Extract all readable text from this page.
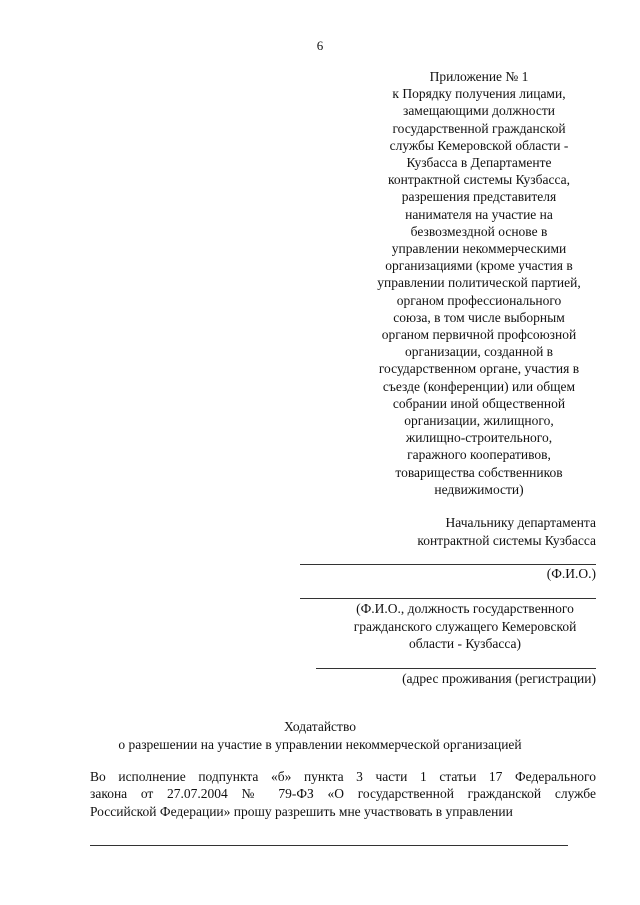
6
Приложение № 1
к Порядку получения лицами,
замещающими должности
государственной гражданской
службы Кемеровской области -
Кузбасса в Департаменте
контрактной системы Кузбасса,
разрешения представителя
нанимателя на участие на
безвозмездной основе в
управлении некоммерческими
организациями (кроме участия в
управлении политической партией,
органом профессионального
союза, в том числе выборным
органом первичной профсоюзной
организации, созданной в
государственном органе, участия в
съезде (конференции) или общем
собрании иной общественной
организации, жилищного,
жилищно-строительного,
гаражного кооперативов,
товарищества собственников
недвижимости)
Начальнику департамента
контрактной системы Кузбасса
(Ф.И.О.)
(Ф.И.О., должность государственного
гражданского служащего Кемеровской
области - Кузбасса)
(адрес проживания (регистрации)
Ходатайство
о разрешении на участие в управлении некоммерческой организацией
Во исполнение подпункта «б» пункта 3 части 1 статьи 17 Федерального
закона от 27.07.2004 № 79-ФЗ «О государственной гражданской службе
Российской Федерации» прошу разрешить мне участвовать в управлении
